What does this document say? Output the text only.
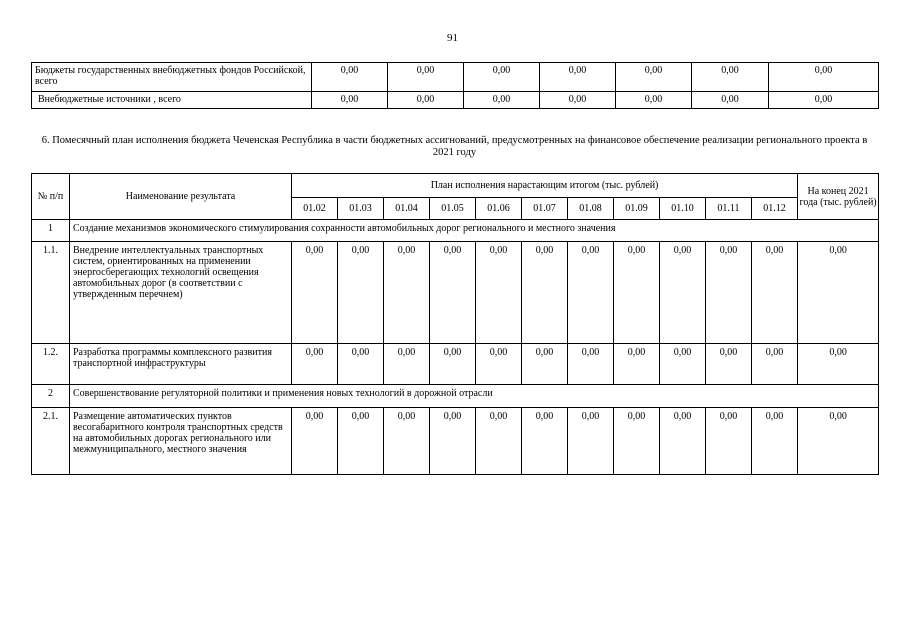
91
Бюджеты государственных внебюджетных фондов Российской, всего	0,00	0,00	0,00	0,00	0,00	0,00	0,00
Внебюджетные источники , всего	0,00	0,00	0,00	0,00	0,00	0,00	0,00
6. Помесячный план исполнения бюджета Чеченская Республика в части бюджетных ассигнований, предусмотренных на финансовое обеспечение реализации регионального проекта в 2021 году
№ п/п	Наименование результата	План исполнения нарастающим итогом (тыс. рублей)											На конец 2021 года (тыс. рублей)
		01.02	01.03	01.04	01.05	01.06	01.07	01.08	01.09	01.10	01.11	01.12	
1	Создание механизмов экономического стимулирования сохранности автомобильных дорог регионального и местного значения												
1.1.	Внедрение интеллектуальных транспортных систем, ориентированных на применении энергосберегающих технологий освещения автомобильных дорог (в соответствии с утвержденным перечнем)	0,00	0,00	0,00	0,00	0,00	0,00	0,00	0,00	0,00	0,00	0,00	0,00
1.2.	Разработка программы комплексного развития транспортной инфраструктуры	0,00	0,00	0,00	0,00	0,00	0,00	0,00	0,00	0,00	0,00	0,00	0,00
2	Совершенствование регуляторной политики и применения новых технологий в дорожной отрасли												
2.1.	Размещение автоматических пунктов весогабаритного контроля транспортных средств на автомобильных дорогах регионального или межмуниципального, местного значения	0,00	0,00	0,00	0,00	0,00	0,00	0,00	0,00	0,00	0,00	0,00	0,00
